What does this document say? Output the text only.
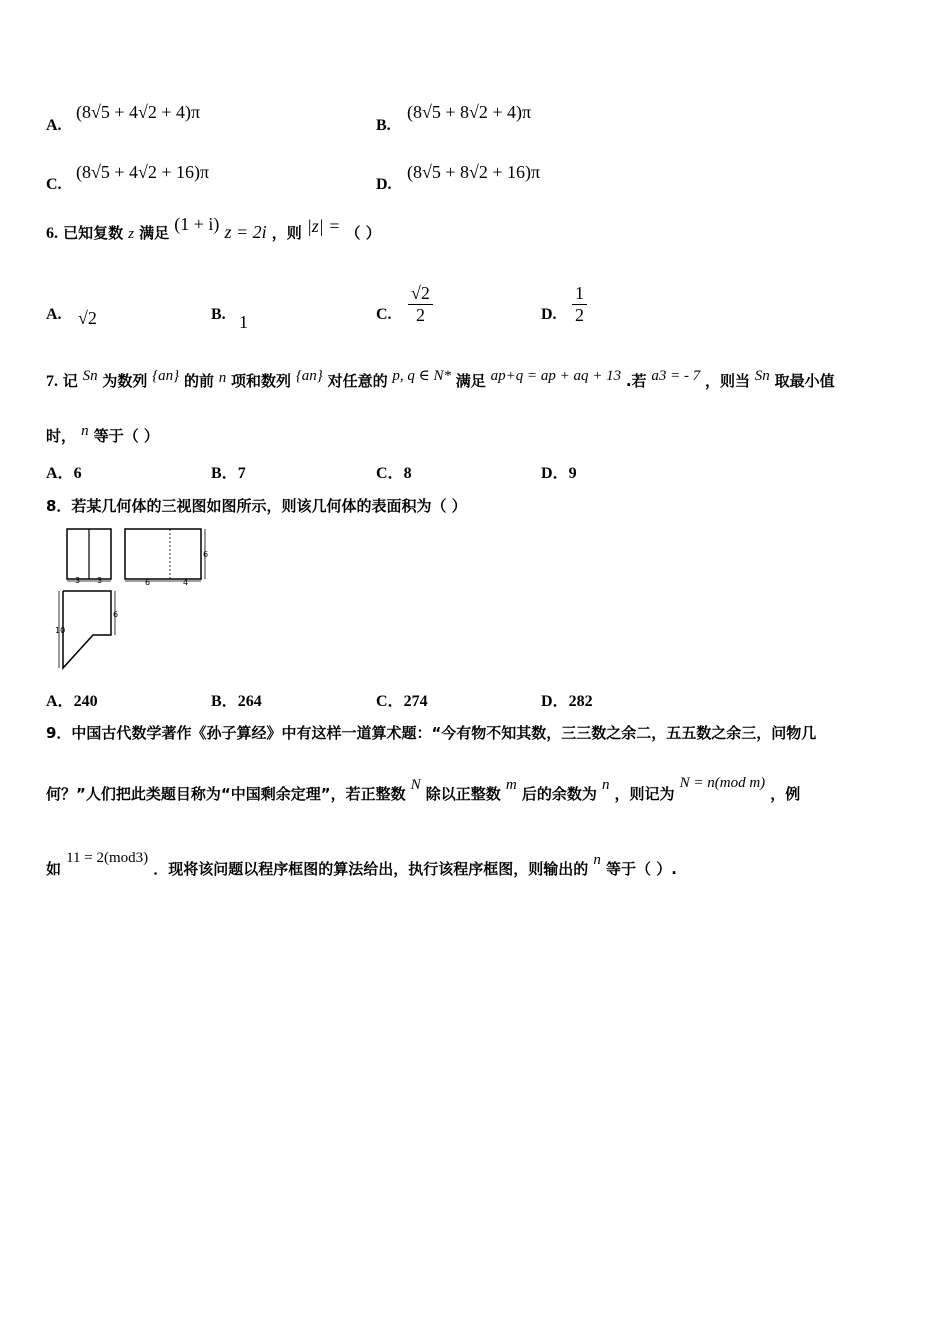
A.
(8√5 + 4√2 + 4)π
B.
(8√5 + 8√2 + 4)π
C.
(8√5 + 4√2 + 16)π
D.
(8√5 + 8√2 + 16)π
6. 已知复数 z 满足 (1 + i) z = 2i ，则 |z| = （ ）
A. √2	B. 1	C. $\frac{√2}{2}$	D. $\frac{1}{2}$
7. 记 Sn 为数列 {an} 的前 n 项和数列 {an} 对任意的 p, q ∈ N* 满足 ap+q = ap + aq + 13 .若 a3 = - 7 ，则当 Sn 取最小值
时， n 等于（ ）
A．6	B．7	C．8	D．9
8．若某几何体的三视图如图所示，则该几何体的表面积为（ ）
3 3	6	4
6
10
6
A．240	B．264	C．274	D．282
9．中国古代数学著作《孙子算经》中有这样一道算术题：“今有物不知其数，三三数之余二，五五数之余三，问物几
何？”人们把此类题目称为“中国剩余定理”，若正整数 N 除以正整数 m 后的余数为 n ，则记为 N = n(mod m) ，例
如 11 = 2(mod3) ．现将该问题以程序框图的算法给出，执行该程序框图，则输出的 n 等于（ ）.
